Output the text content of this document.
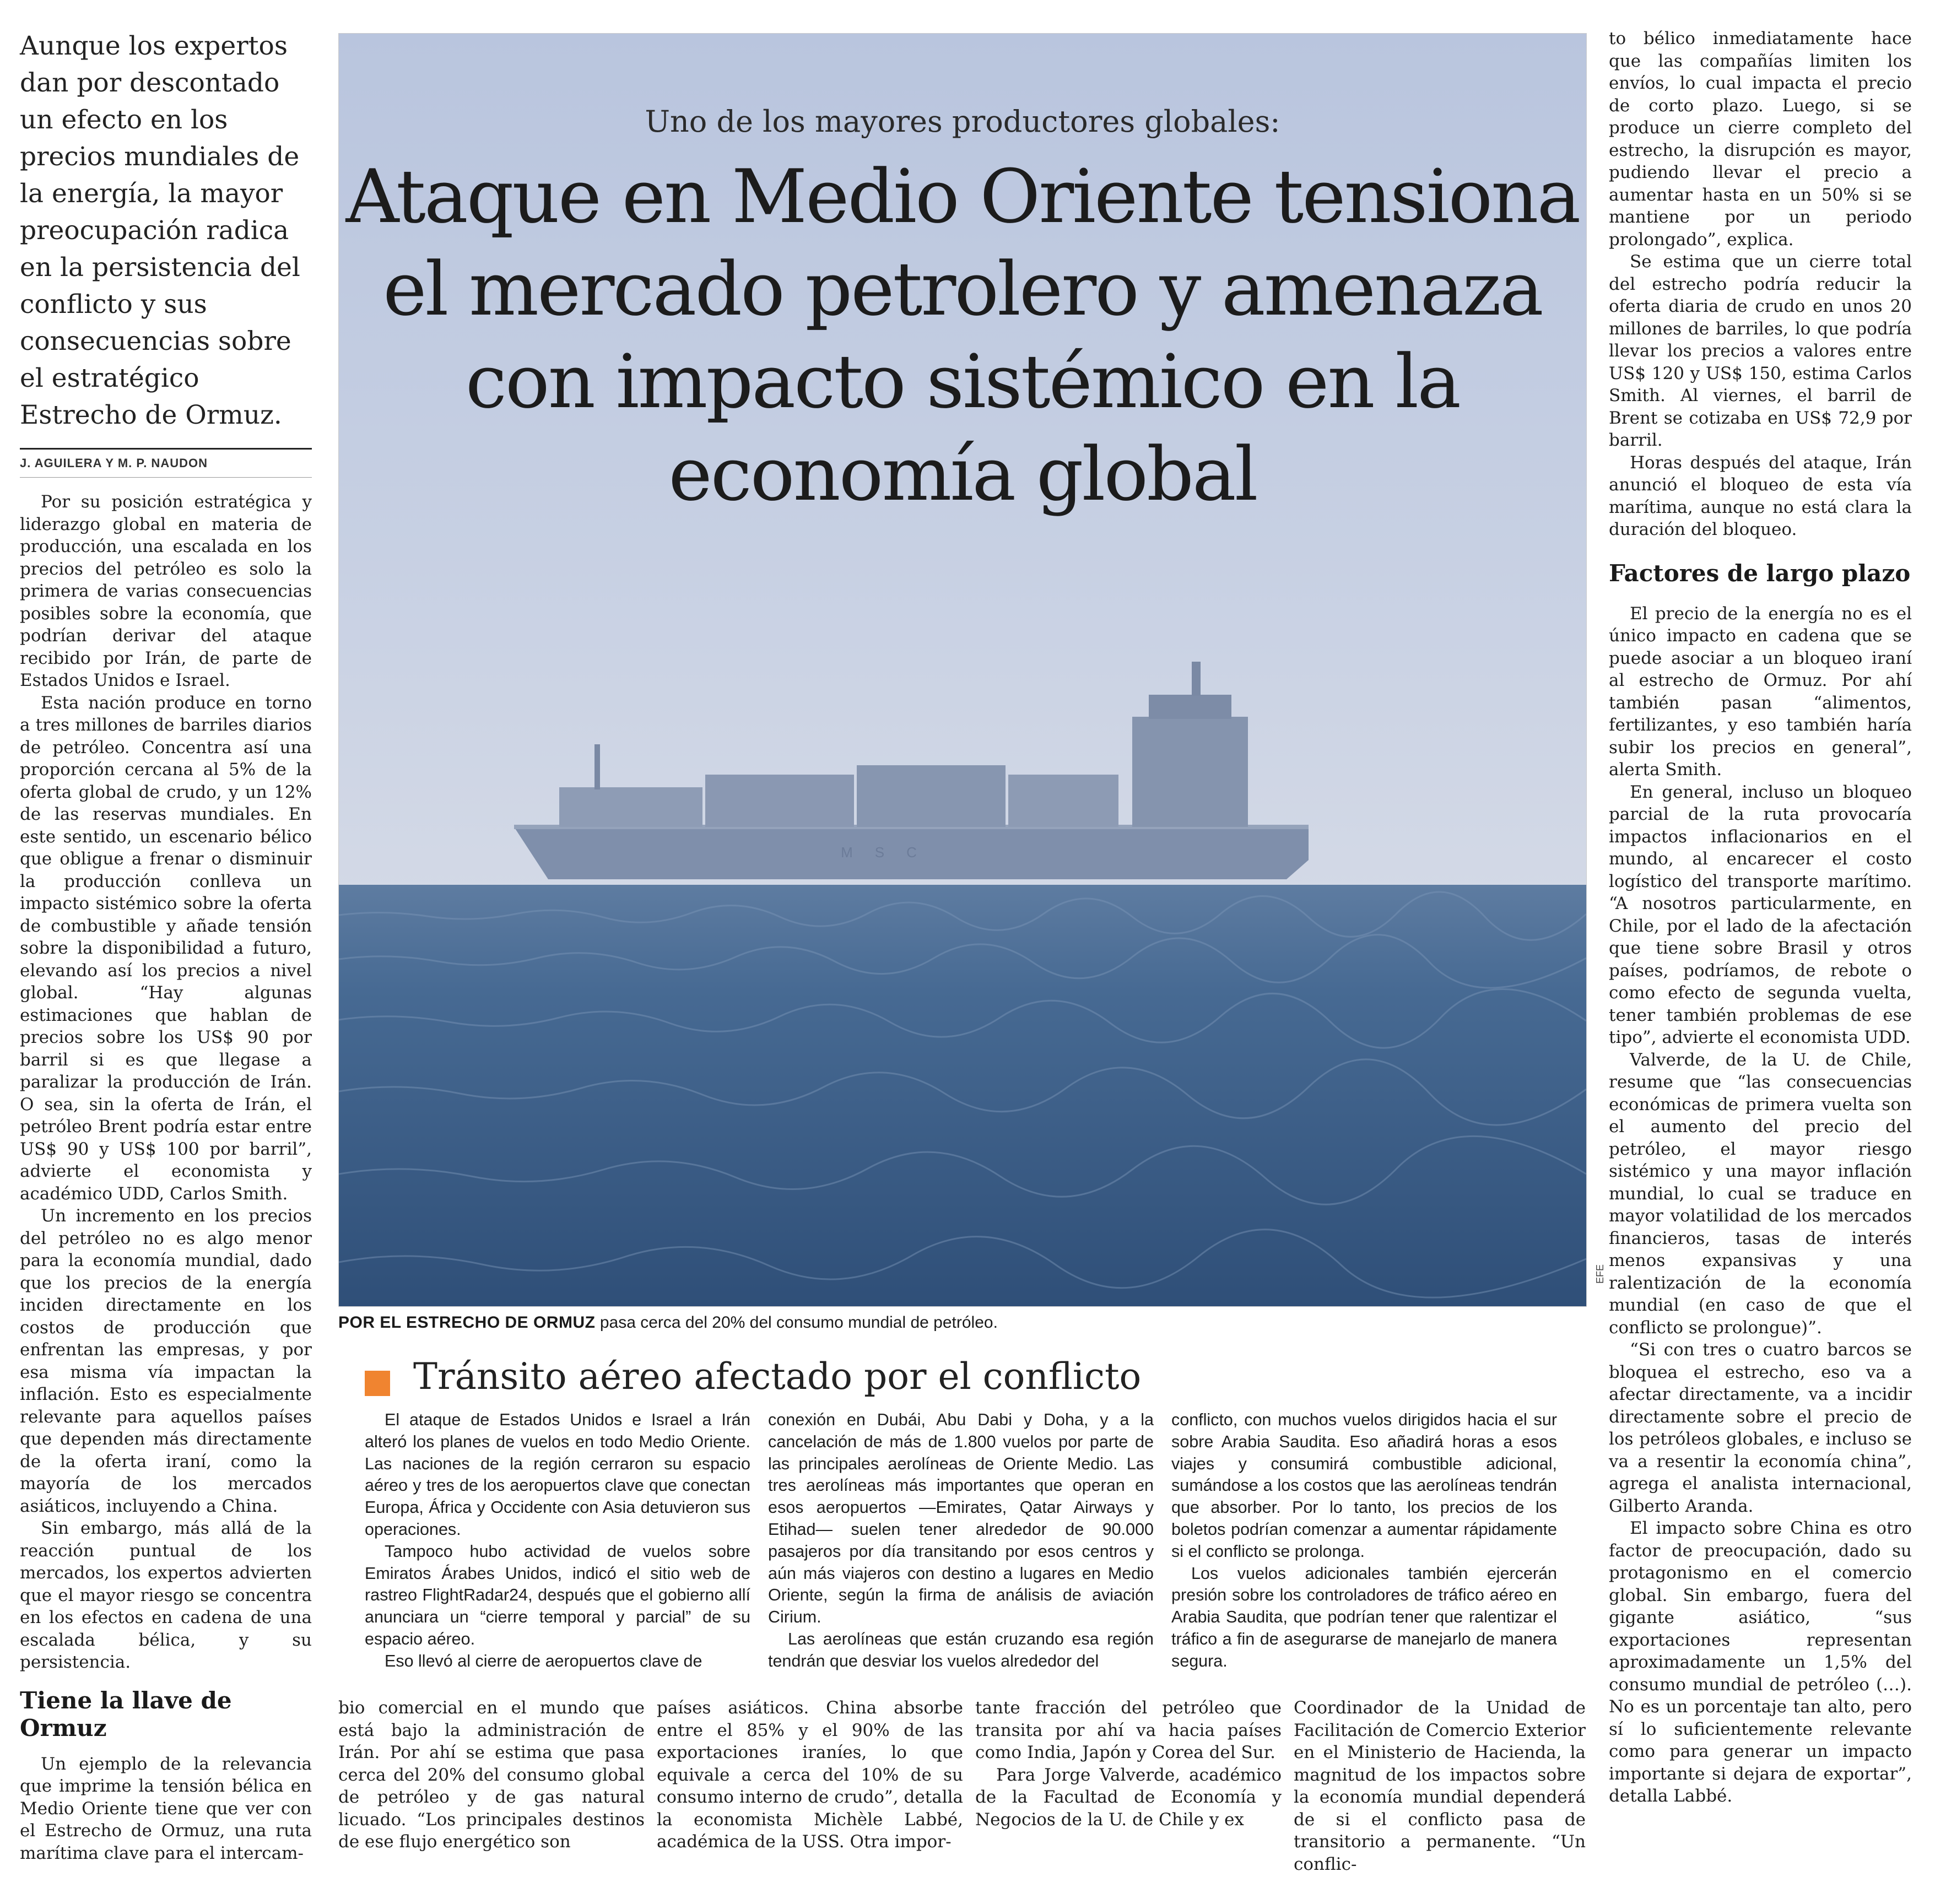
Aunque los expertos dan por descontado un efecto en los precios mundiales de la energía, la mayor preocupación radica en la persistencia del conflicto y sus consecuencias sobre el estratégico Estrecho de Ormuz.

J. AGUILERA Y M. P. NAUDON

Por su posición estratégica y liderazgo global en materia de producción, una escalada en los precios del petróleo es solo la primera de varias consecuencias posibles sobre la economía, que podrían derivar del ataque recibido por Irán, de parte de Estados Unidos e Israel.

Esta nación produce en torno a tres millones de barriles diarios de petróleo. Concentra así una proporción cercana al 5% de la oferta global de crudo, y un 12% de las reservas mundiales. En este sentido, un escenario bélico que obligue a frenar o disminuir la producción conlleva un impacto sistémico sobre la oferta de combustible y añade tensión sobre la disponibilidad a futuro, elevando así los precios a nivel global. “Hay algunas estimaciones que hablan de precios sobre los US$ 90 por barril si es que llegase a paralizar la producción de Irán. O sea, sin la oferta de Irán, el petróleo Brent podría estar entre US$ 90 y US$ 100 por barril”, advierte el economista y académico UDD, Carlos Smith.

Un incremento en los precios del petróleo no es algo menor para la economía mundial, dado que los precios de la energía inciden directamente en los costos de producción que enfrentan las empresas, y por esa misma vía impactan la inflación. Esto es especialmente relevante para aquellos países que dependen más directamente de la oferta iraní, como la mayoría de los mercados asiáticos, incluyendo a China.

Sin embargo, más allá de la reacción puntual de los mercados, los expertos advierten que el mayor riesgo se concentra en los efectos en cadena de una escalada bélica, y su persistencia.

Tiene la llave de Ormuz

Un ejemplo de la relevancia que imprime la tensión bélica en Medio Oriente tiene que ver con el Estrecho de Ormuz, una ruta marítima clave para el intercam-

MSC
Uno de los mayores productores globales:
Ataque en Medio Oriente tensiona el mercado petrolero y amenaza con impacto sistémico en la economía global
EFE
POR EL ESTRECHO DE ORMUZ pasa cerca del 20% del consumo mundial de petróleo.
Tránsito aéreo afectado por el conflicto

El ataque de Estados Unidos e Israel a Irán alteró los planes de vuelos en todo Medio Oriente. Las naciones de la región cerraron su espacio aéreo y tres de los aeropuertos clave que conectan Europa, África y Occidente con Asia detuvieron sus operaciones.

Tampoco hubo actividad de vuelos sobre Emiratos Árabes Unidos, indicó el sitio web de rastreo FlightRadar24, después que el gobierno allí anunciara un “cierre temporal y parcial” de su espacio aéreo.

Eso llevó al cierre de aeropuertos clave de

conexión en Dubái, Abu Dabi y Doha, y a la cancelación de más de 1.800 vuelos por parte de las principales aerolíneas de Oriente Medio. Las tres aerolíneas más importantes que operan en esos aeropuertos —Emirates, Qatar Airways y Etihad— suelen tener alrededor de 90.000 pasajeros por día transitando por esos centros y aún más viajeros con destino a lugares en Medio Oriente, según la firma de análisis de aviación Cirium.

Las aerolíneas que están cruzando esa región tendrán que desviar los vuelos alrededor del

conflicto, con muchos vuelos dirigidos hacia el sur sobre Arabia Saudita. Eso añadirá horas a esos viajes y consumirá combustible adicional, sumándose a los costos que las aerolíneas tendrán que absorber. Por lo tanto, los precios de los boletos podrían comenzar a aumentar rápidamente si el conflicto se prolonga.

Los vuelos adicionales también ejercerán presión sobre los controladores de tráfico aéreo en Arabia Saudita, que podrían tener que ralentizar el tráfico a fin de asegurarse de manejarlo de manera segura.

bio comercial en el mundo que está bajo la administración de Irán. Por ahí se estima que pasa cerca del 20% del consumo global de petróleo y de gas natural licuado. “Los principales destinos de ese flujo energético son

países asiáticos. China absorbe entre el 85% y el 90% de las exportaciones iraníes, lo que equivale a cerca del 10% de su consumo interno de crudo”, detalla la economista Michèle Labbé, académica de la USS. Otra impor-

tante fracción del petróleo que transita por ahí va hacia países como India, Japón y Corea del Sur.

Para Jorge Valverde, académico de la Facultad de Economía y Negocios de la U. de Chile y ex

Coordinador de la Unidad de Facilitación de Comercio Exterior en el Ministerio de Hacienda, la magnitud de los impactos sobre la economía mundial dependerá de si el conflicto pasa de transitorio a permanente. “Un conflic-

to bélico inmediatamente hace que las compañías limiten los envíos, lo cual impacta el precio de corto plazo. Luego, si se produce un cierre completo del estrecho, la disrupción es mayor, pudiendo llevar el precio a aumentar hasta en un 50% si se mantiene por un periodo prolongado”, explica.

Se estima que un cierre total del estrecho podría reducir la oferta diaria de crudo en unos 20 millones de barriles, lo que podría llevar los precios a valores entre US$ 120 y US$ 150, estima Carlos Smith. Al viernes, el barril de Brent se cotizaba en US$ 72,9 por barril.

Horas después del ataque, Irán anunció el bloqueo de esta vía marítima, aunque no está clara la duración del bloqueo.

Factores de largo plazo

El precio de la energía no es el único impacto en cadena que se puede asociar a un bloqueo iraní al estrecho de Ormuz. Por ahí también pasan “alimentos, fertilizantes, y eso también haría subir los precios en general”, alerta Smith.

En general, incluso un bloqueo parcial de la ruta provocaría impactos inflacionarios en el mundo, al encarecer el costo logístico del transporte marítimo. “A nosotros particularmente, en Chile, por el lado de la afectación que tiene sobre Brasil y otros países, podríamos, de rebote o como efecto de segunda vuelta, tener también problemas de ese tipo”, advierte el economista UDD.

Valverde, de la U. de Chile, resume que “las consecuencias económicas de primera vuelta son el aumento del precio del petróleo, el mayor riesgo sistémico y una mayor inflación mundial, lo cual se traduce en mayor volatilidad de los mercados financieros, tasas de interés menos expansivas y una ralentización de la economía mundial (en caso de que el conflicto se prolongue)”.

“Si con tres o cuatro barcos se bloquea el estrecho, eso va a afectar directamente, va a incidir directamente sobre el precio de los petróleos globales, e incluso se va a resentir la economía china”, agrega el analista internacional, Gilberto Aranda.

El impacto sobre China es otro factor de preocupación, dado su protagonismo en el comercio global. Sin embargo, fuera del gigante asiático, “sus exportaciones representan aproximadamente un 1,5% del consumo mundial de petróleo (…). No es un porcentaje tan alto, pero sí lo suficientemente relevante como para generar un impacto importante si dejara de exportar”, detalla Labbé.
